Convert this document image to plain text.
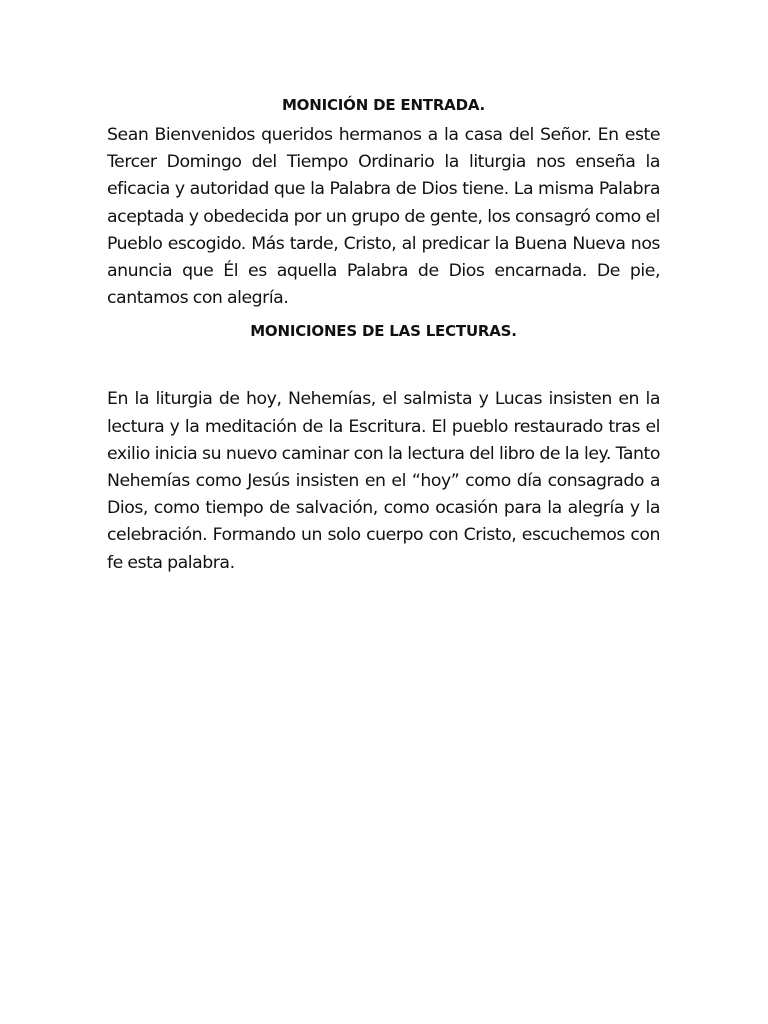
MONICIÓN DE ENTRADA.

Sean Bienvenidos queridos hermanos a la casa del Señor. En este Tercer Domingo del Tiempo Ordinario la liturgia nos enseña la eficacia y autoridad que la Palabra de Dios tiene. La misma Palabra aceptada y obedecida por un grupo de gente, los consagró como el Pueblo escogido. Más tarde, Cristo, al predicar la Buena Nueva nos anuncia que Él es aquella Palabra de Dios encarnada. De pie, cantamos con alegría.

MONICIONES DE LAS LECTURAS.

En la liturgia de hoy, Nehemías, el salmista y Lucas insisten en la lectura y la meditación de la Escritura. El pueblo restaurado tras el exilio inicia su nuevo caminar con la lectura del libro de la ley. Tanto Nehemías como Jesús insisten en el “hoy” como día consagrado a Dios, como tiempo de salvación, como ocasión para la alegría y la celebración. Formando un solo cuerpo con Cristo, escuchemos con fe esta palabra.
